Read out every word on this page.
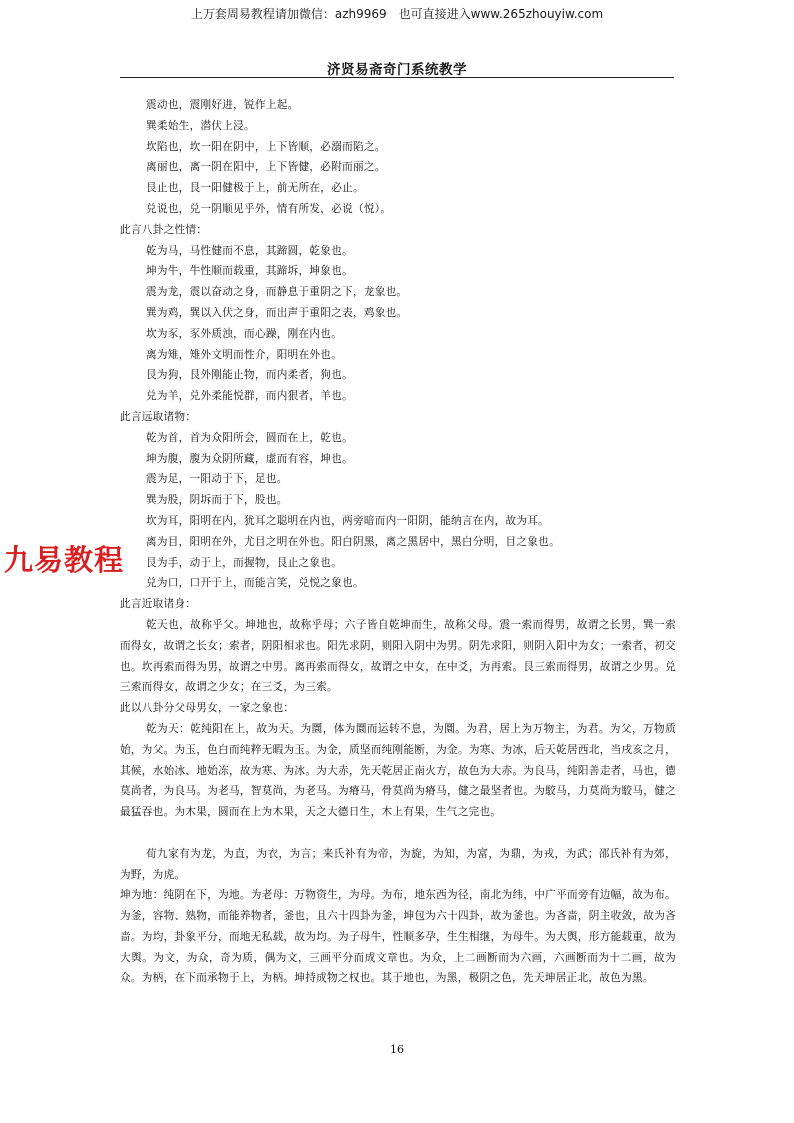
上万套周易教程请加微信：azh9969　也可直接进入www.265zhouyiw.com
济贤易斋奇门系统教学
九易教程
震动也，震刚好进，锐作上起。
巽柔始生，潜伏上浸。
坎陷也，坎一阳在阴中，上下皆顺，必溺而陷之。
离丽也，离一阴在阳中，上下皆健，必附而丽之。
艮止也，艮一阳健极于上，前无所在，必止。
兑说也，兑一阴顺见乎外，情有所发，必说（悦）。
此言八卦之性情：
乾为马，马性健而不息，其蹄圆，乾象也。
坤为牛，牛性顺而载重，其蹄坼，坤象也。
震为龙，震以奋动之身，而静息于重阴之下，龙象也。
巽为鸡，巽以入伏之身，而出声于重阳之表，鸡象也。
坎为豕，豕外质浊，而心躁，刚在内也。
离为雉，雉外文明而性介，阳明在外也。
艮为狗，艮外刚能止物，而内柔者，狗也。
兑为羊，兑外柔能悦群，而内狠者，羊也。
此言远取诸物：
乾为首，首为众阳所会，圆而在上，乾也。
坤为腹，腹为众阴所藏，虚而有容，坤也。
震为足，一阳动于下，足也。
巽为股，阴坼而于下，股也。
坎为耳，阳明在内，犹耳之聪明在内也，两旁暗而内一阳阴，能纳言在内，故为耳。
离为目，阳明在外，尤目之明在外也。阳白阴黑，离之黑居中，黑白分明，目之象也。
艮为手，动于上，而握物，艮止之象也。
兑为口，口开于上，而能言笑，兑悦之象也。
此言近取诸身：
乾天也，故称乎父。坤地也，故称乎母；六子皆自乾坤而生，故称父母。震一索而得男，故谓之长男，巽一索而得女，故谓之长女；索者，阴阳相求也。阳先求阴，则阳入阴中为男。阴先求阳，则阴入阳中为女；一索者，初交也。坎再索而得为男，故谓之中男。离再索而得女，故谓之中女，在中爻，为再索。艮三索而得男，故谓之少男。兑三索而得女，故谓之少女；在三爻，为三索。
此以八卦分父母男女，一家之象也：
乾为天：乾纯阳在上，故为天。为圜，体为圜而运转不息，为圜。为君，居上为万物主，为君。为父，万物质始，为父。为玉，色白而纯粹无暇为玉。为金，质坚而纯刚能断，为金。为寒、为冰，后天乾居西北，当戌亥之月，其候，水始冰、地始冻，故为寒、为冰。为大赤，先天乾居正南火方，故色为大赤。为良马，纯阳善走者，马也，德莫尚者，为良马。为老马，智莫尚，为老马。为瘠马，骨莫尚为瘠马，健之最坚者也。为駮马，力莫尚为駮马，健之最猛吞也。为木果，圆而在上为木果，天之大德日生，木上有果，生气之完也。
荀九家有为龙，为直，为衣，为言；来氏补有为帝，为旋，为知，为富，为鼎，为戎，为武；邵氏补有为郊，为野，为虎。
坤为地：纯阴在下，为地。为老母：万物资生，为母。为布，地东西为径，南北为纬，中广平而旁有边幅，故为布。为釜，容物、熟物，而能养物者，釜也，且六十四卦为釜，坤包为六十四卦，故为釜也。为吝啬，阴主收敛，故为吝啬。为均，卦象平分，而地无私载，故为均。为子母牛，性顺多孕，生生相继，为母牛。为大舆，形方能载重，故为大舆。为文，为众，奇为质，偶为文，三画平分而成文章也。为众，上二画断而为六画，六画断而为十二画，故为众。为柄，在下而承物于上，为柄。坤持成物之权也。其于地也，为黑，极阴之色，先天坤居正北，故色为黑。
16
